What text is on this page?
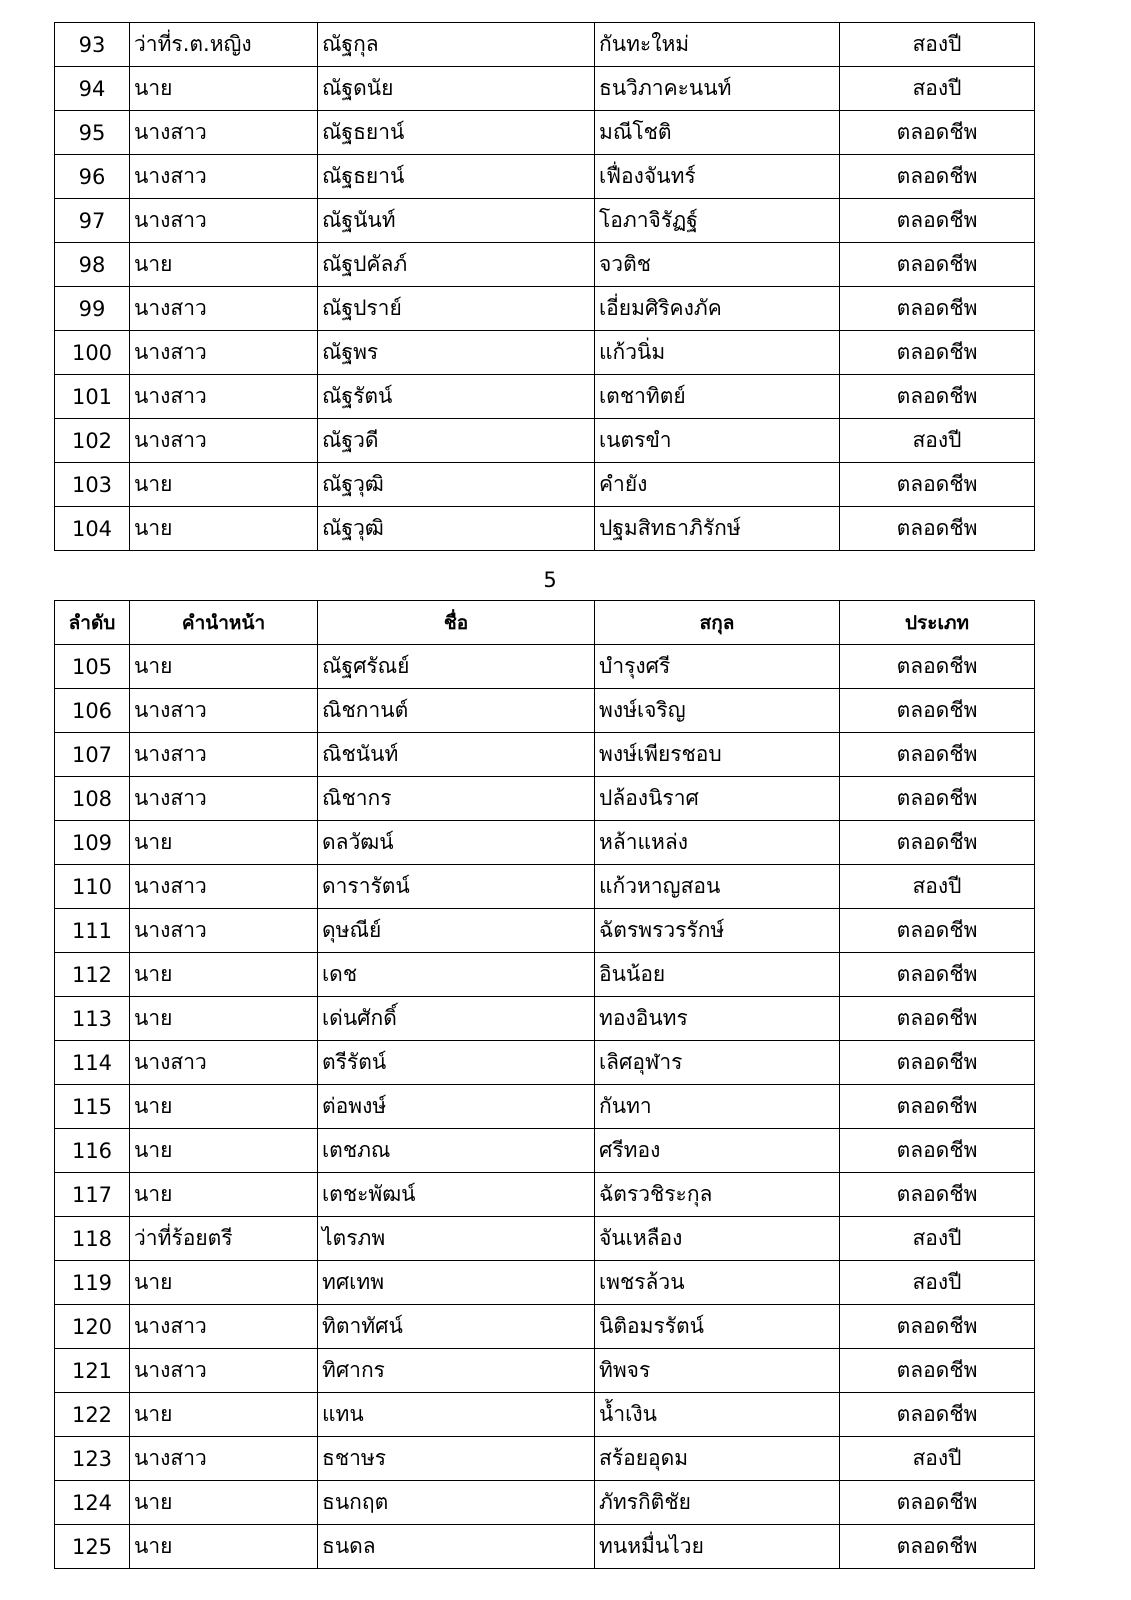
93	ว่าที่ร.ต.หญิง	ณัฐกุล	กันทะใหม่	สองปี
94	นาย	ณัฐดนัย	ธนวิภาคะนนท์	สองปี
95	นางสาว	ณัฐธยาน์	มณีโชติ	ตลอดชีพ
96	นางสาว	ณัฐธยาน์	เฟื่องจันทร์	ตลอดชีพ
97	นางสาว	ณัฐนันท์	โอภาจิรัฏฐ์	ตลอดชีพ
98	นาย	ณัฐปคัลภ์	จวติช	ตลอดชีพ
99	นางสาว	ณัฐปราย์	เอี่ยมศิริคงภัค	ตลอดชีพ
100	นางสาว	ณัฐพร	แก้วนิ่ม	ตลอดชีพ
101	นางสาว	ณัฐรัตน์	เตชาทิตย์	ตลอดชีพ
102	นางสาว	ณัฐวดี	เนตรขำ	สองปี
103	นาย	ณัฐวุฒิ	คำยัง	ตลอดชีพ
104	นาย	ณัฐวุฒิ	ปฐมสิทธาภิรักษ์	ตลอดชีพ
5
ลำดับ	คำนำหน้า	ชื่อ	สกุล	ประเภท
105	นาย	ณัฐศรัณย์	บำรุงศรี	ตลอดชีพ
106	นางสาว	ณิชกานต์	พงษ์เจริญ	ตลอดชีพ
107	นางสาว	ณิชนันท์	พงษ์เพียรชอบ	ตลอดชีพ
108	นางสาว	ณิชากร	ปล้องนิราศ	ตลอดชีพ
109	นาย	ดลวัฒน์	หล้าแหล่ง	ตลอดชีพ
110	นางสาว	ดารารัตน์	แก้วหาญสอน	สองปี
111	นางสาว	ดุษณีย์	ฉัตรพรวรรักษ์	ตลอดชีพ
112	นาย	เดช	อินน้อย	ตลอดชีพ
113	นาย	เด่นศักดิ์	ทองอินทร	ตลอดชีพ
114	นางสาว	ตรีรัตน์	เลิศอุฬาร	ตลอดชีพ
115	นาย	ต่อพงษ์	กันทา	ตลอดชีพ
116	นาย	เตชภณ	ศรีทอง	ตลอดชีพ
117	นาย	เตชะพัฒน์	ฉัตรวชิระกุล	ตลอดชีพ
118	ว่าที่ร้อยตรี	ไตรภพ	จันเหลือง	สองปี
119	นาย	ทศเทพ	เพชรล้วน	สองปี
120	นางสาว	ทิตาทัศน์	นิติอมรรัตน์	ตลอดชีพ
121	นางสาว	ทิศากร	ทิพจร	ตลอดชีพ
122	นาย	แทน	น้ำเงิน	ตลอดชีพ
123	นางสาว	ธชาษร	สร้อยอุดม	สองปี
124	นาย	ธนกฤต	ภัทรกิติชัย	ตลอดชีพ
125	นาย	ธนดล	ทนหมื่นไวย	ตลอดชีพ
